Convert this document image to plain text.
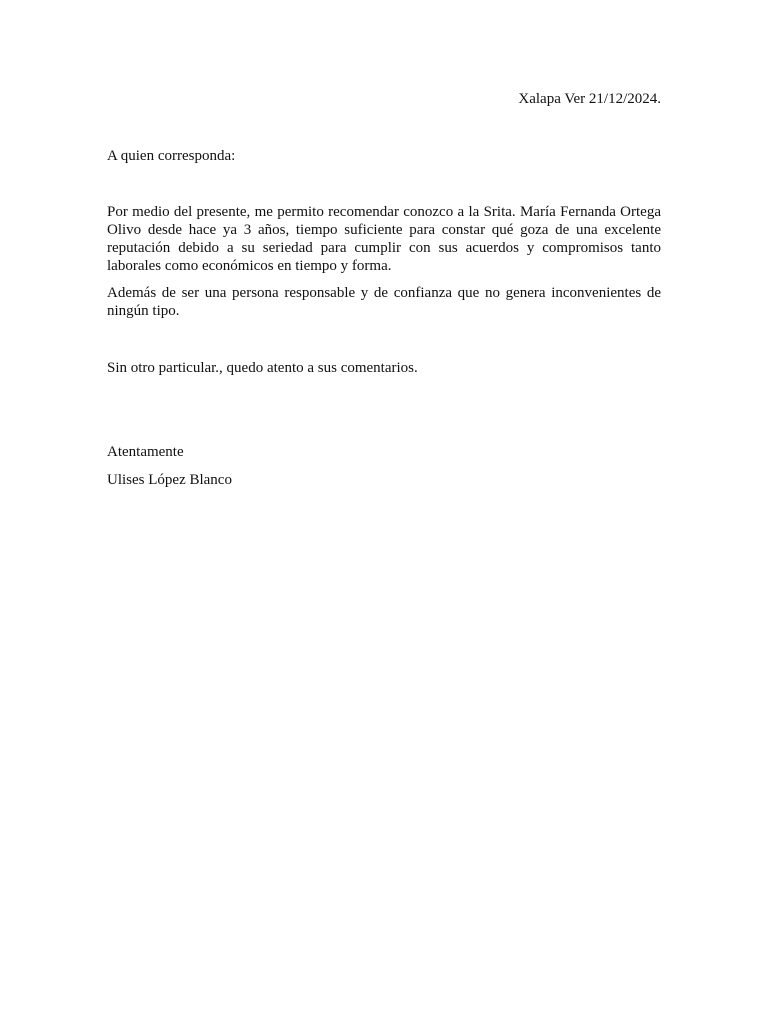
Xalapa Ver 21/12/2024.

A quien corresponda:

Por medio del presente, me permito recomendar conozco a la Srita. María Fernanda Ortega Olivo desde hace ya 3 años, tiempo suficiente para constar qué goza de una excelente reputación debido a su seriedad para cumplir con sus acuerdos y compromisos tanto laborales como económicos en tiempo y forma.

Además de ser una persona responsable y de confianza que no genera inconvenientes de ningún tipo.

Sin otro particular., quedo atento a sus comentarios.

Atentamente

Ulises López Blanco
